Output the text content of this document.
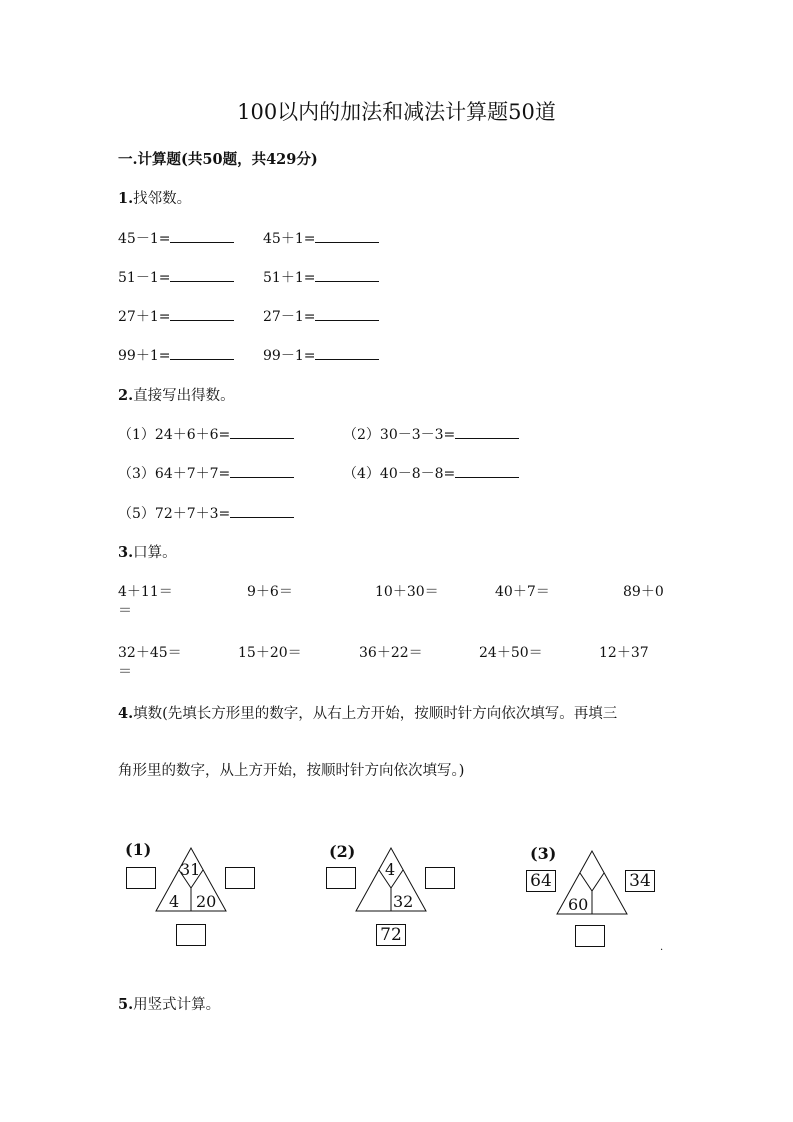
100以内的加法和减法计算题50道
一.计算题(共50题，共429分)
1.找邻数。
45－1=	45＋1=
51－1=	51＋1=
27＋1=	27－1=
99＋1=	99－1=
2.直接写出得数。
（1）24＋6＋6=	（2）30－3－3=
（3）64＋7＋7=	（4）40－8－8=
（5）72＋7＋3=
3.口算。
4＋11＝	9＋6＝	10＋30＝	40＋7＝	89＋0
＝
32＋45＝	15＋20＝	36＋22＝	24＋50＝	12＋37
＝
4.填数(先填长方形里的数字，从右上方开始，按顺时针方向依次填写。再填三
角形里的数字，从上方开始，按顺时针方向依次填写。)
(1)
31
4 20
(2)
4
32
72
(3)
60
64	34
.
5.用竖式计算。
